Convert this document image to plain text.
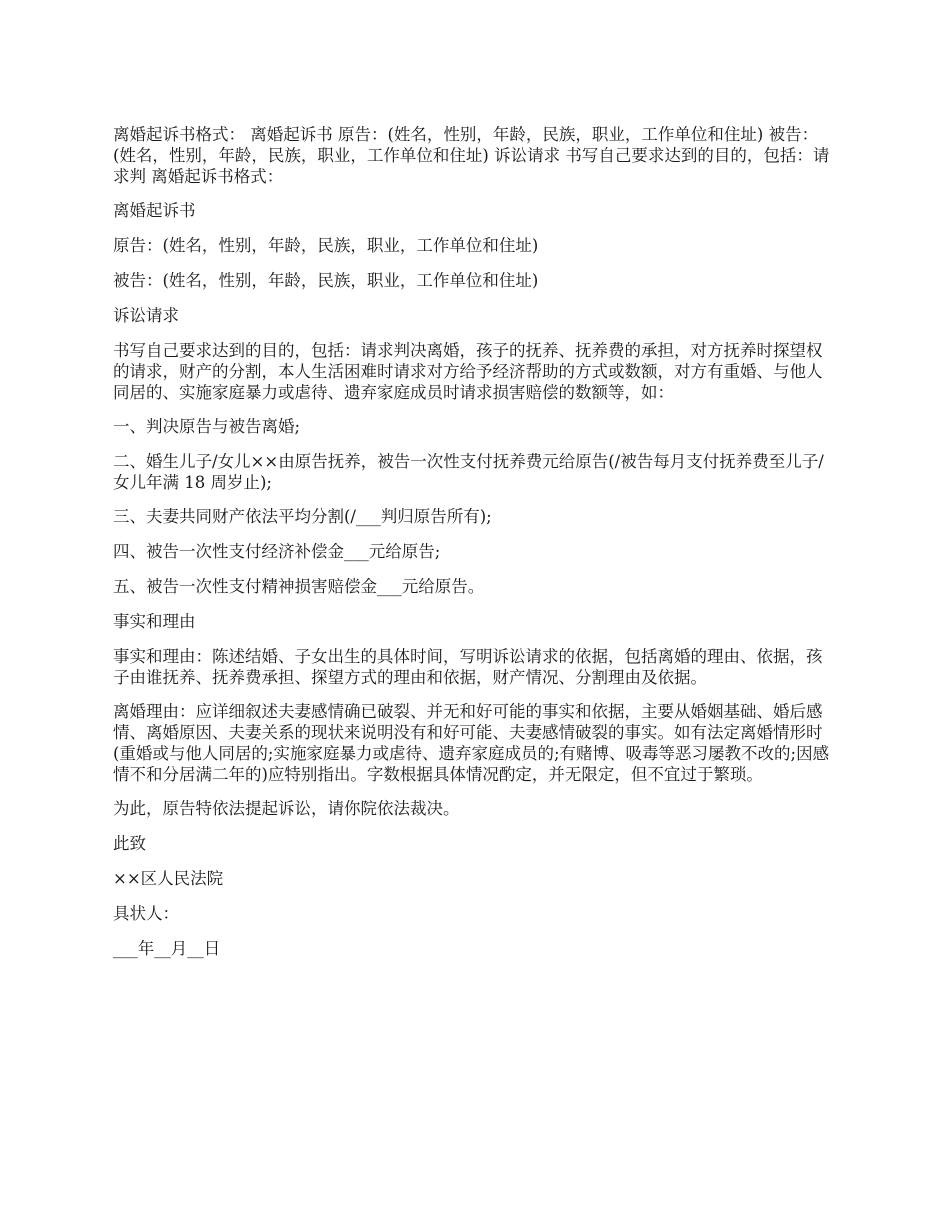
离婚起诉书格式： 离婚起诉书 原告：(姓名，性别，年龄，民族，职业，工作单位和住址) 被告：(姓名，性别，年龄，民族，职业，工作单位和住址) 诉讼请求 书写自己要求达到的目的，包括：请求判 离婚起诉书格式：

离婚起诉书

原告：(姓名，性别，年龄，民族，职业，工作单位和住址)

被告：(姓名，性别，年龄，民族，职业，工作单位和住址)

诉讼请求

书写自己要求达到的目的，包括：请求判决离婚，孩子的抚养、抚养费的承担，对方抚养时探望权的请求，财产的分割，本人生活困难时请求对方给予经济帮助的方式或数额，对方有重婚、与他人同居的、实施家庭暴力或虐待、遗弃家庭成员时请求损害赔偿的数额等，如：

一、判决原告与被告离婚;

二、婚生儿子/女儿××由原告抚养，被告一次性支付抚养费元给原告(/被告每月支付抚养费至儿子/女儿年满 18 周岁止);

三、夫妻共同财产依法平均分割(/___判归原告所有);

四、被告一次性支付经济补偿金___元给原告;

五、被告一次性支付精神损害赔偿金___元给原告。

事实和理由

事实和理由：陈述结婚、子女出生的具体时间，写明诉讼请求的依据，包括离婚的理由、依据，孩子由谁抚养、抚养费承担、探望方式的理由和依据，财产情况、分割理由及依据。

离婚理由：应详细叙述夫妻感情确已破裂、并无和好可能的事实和依据，主要从婚姻基础、婚后感情、离婚原因、夫妻关系的现状来说明没有和好可能、夫妻感情破裂的事实。如有法定离婚情形时(重婚或与他人同居的;实施家庭暴力或虐待、遗弃家庭成员的;有赌博、吸毒等恶习屡教不改的;因感情不和分居满二年的)应特别指出。字数根据具体情况酌定，并无限定，但不宜过于繁琐。

为此，原告特依法提起诉讼，请你院依法裁决。

此致

××区人民法院

具状人：

___年__月__日
